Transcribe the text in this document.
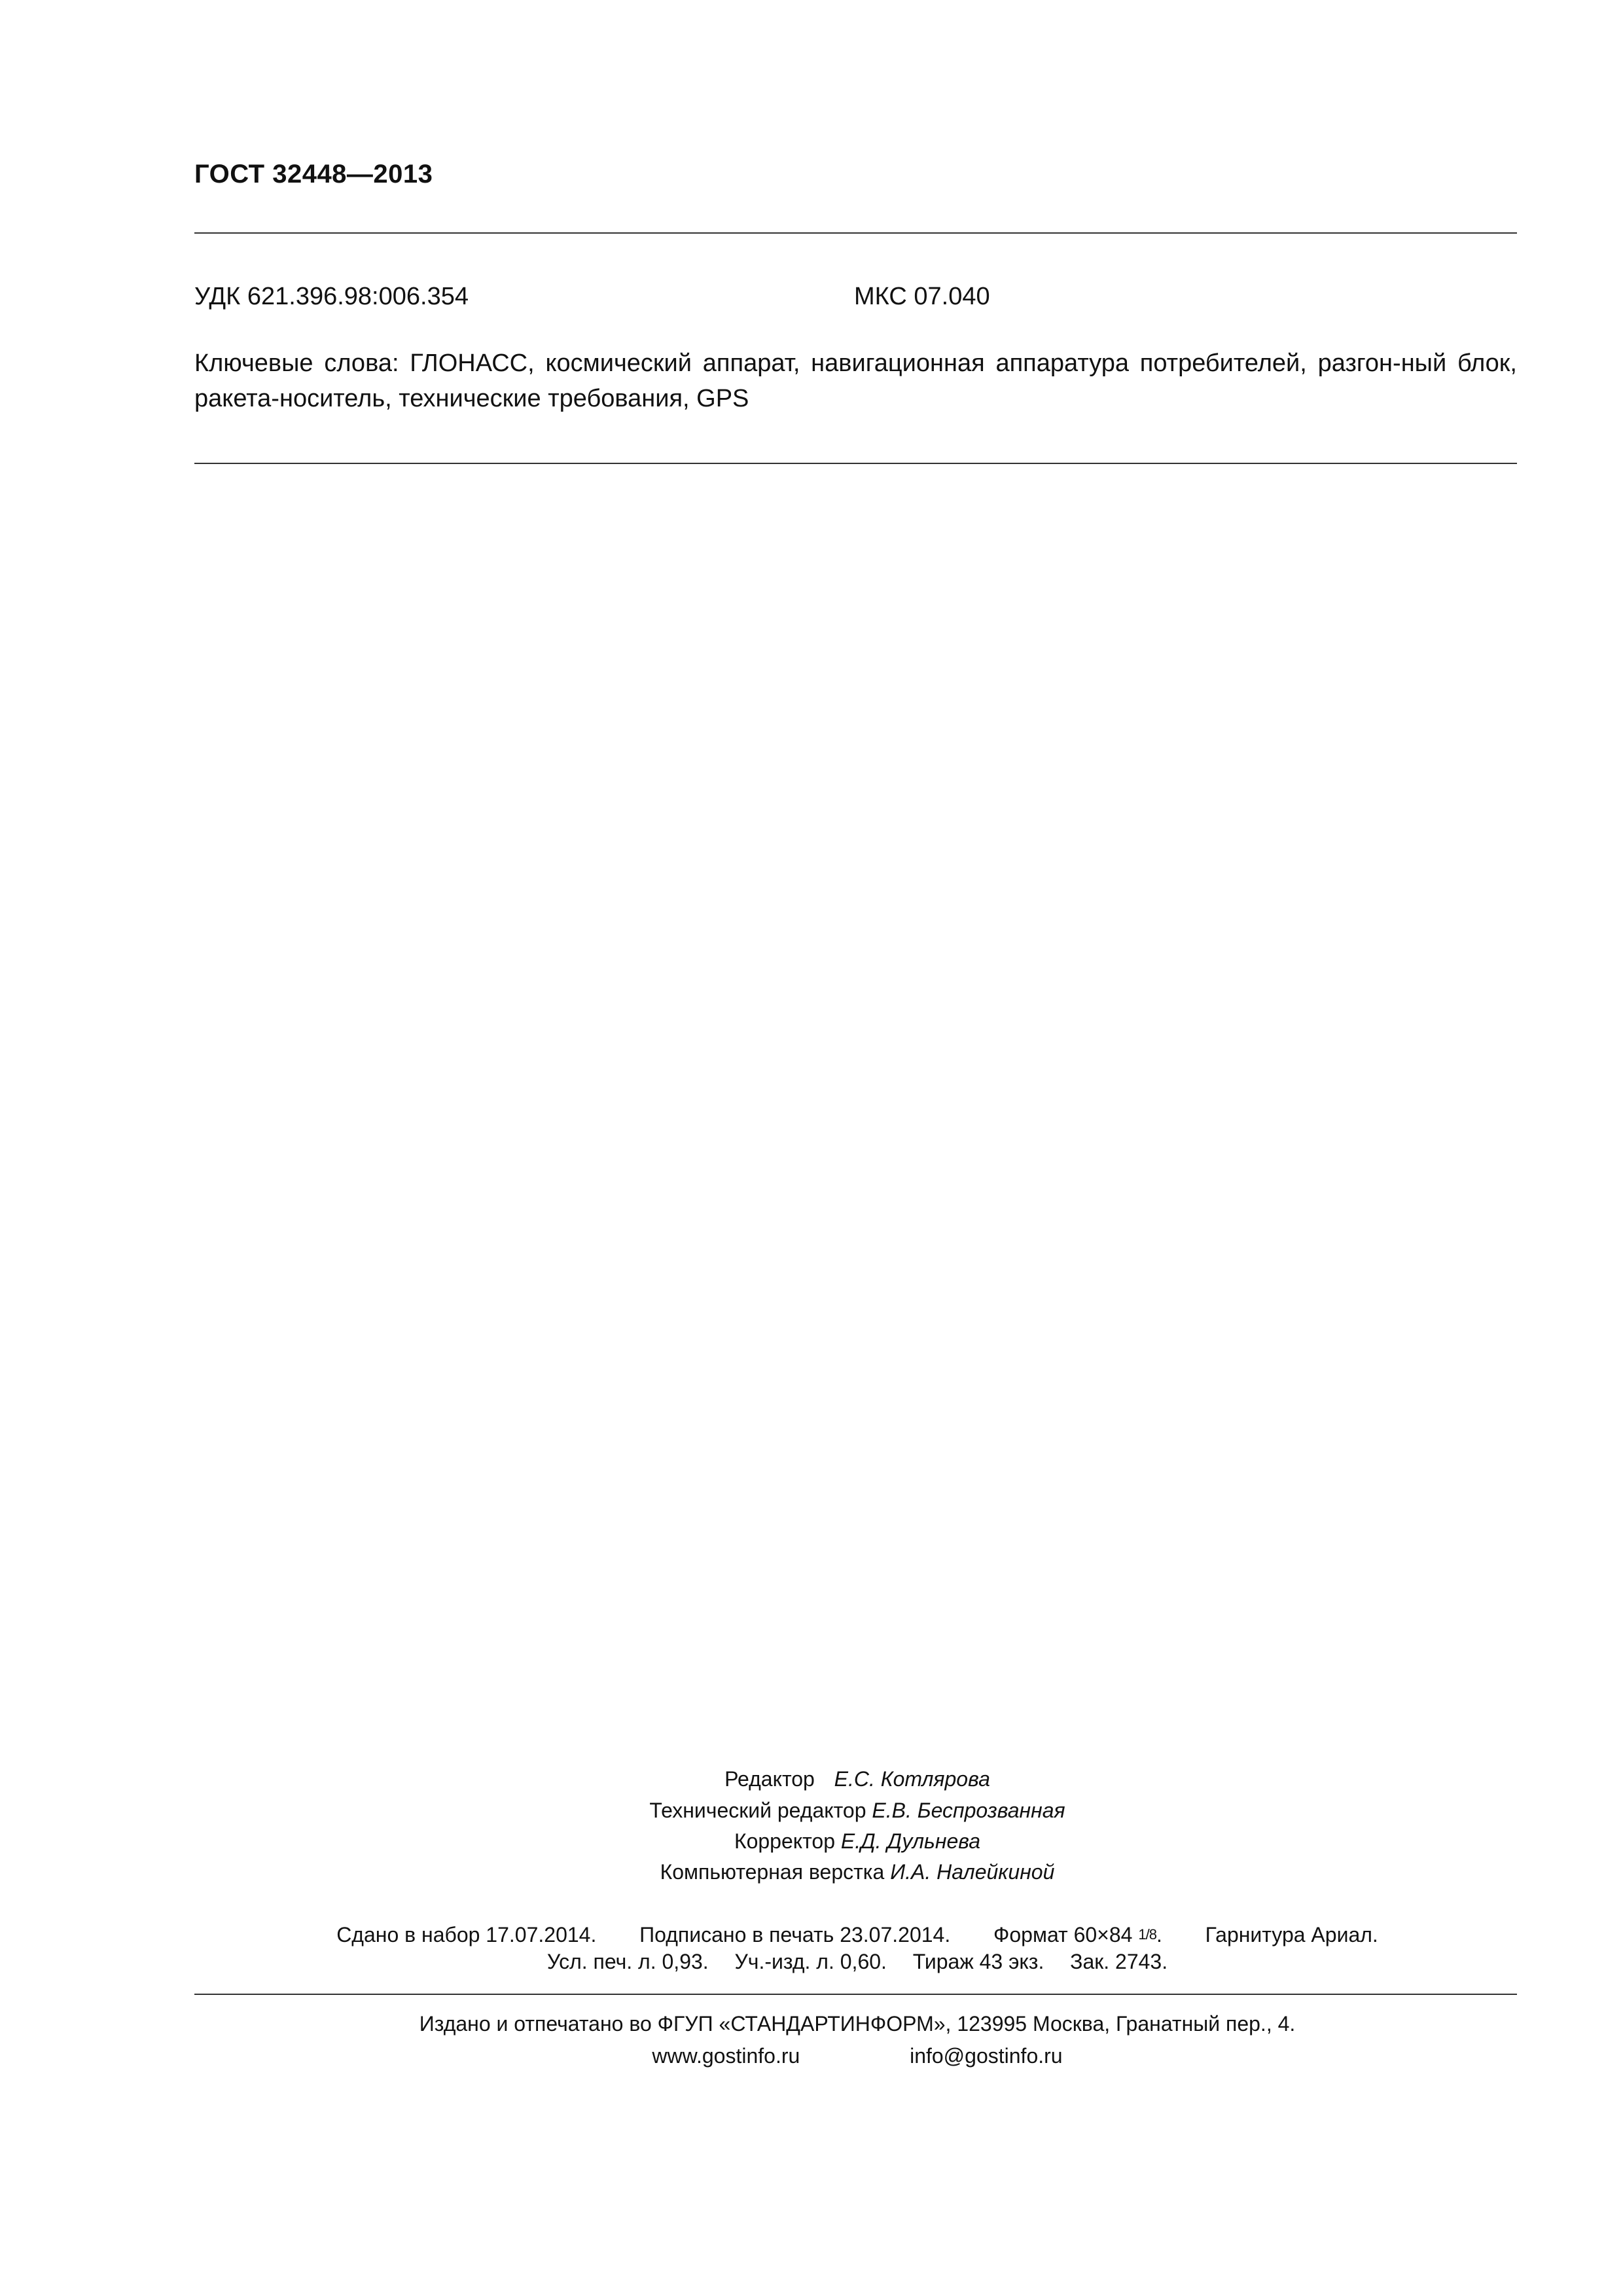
ГОСТ 32448—2013
УДК 621.396.98:006.354	МКС 07.040
Ключевые слова: ГЛОНАСС, космический аппарат, навигационная аппаратура потребителей, разгон-ный блок, ракета-носитель, технические требования, GPS
Редактор Е.С. Котлярова
Технический редактор Е.В. Беспрозванная
Корректор Е.Д. Дульнева
Компьютерная верстка И.А. Налейкиной
Сдано в набор 17.07.2014. Подписано в печать 23.07.2014. Формат 60×84 1/8. Гарнитура Ариал.
Усл. печ. л. 0,93. Уч.-изд. л. 0,60. Тираж 43 экз. Зак. 2743.
Издано и отпечатано во ФГУП «СТАНДАРТИНФОРМ», 123995 Москва, Гранатный пер., 4.
www.gostinfo.ru	info@gostinfo.ru
